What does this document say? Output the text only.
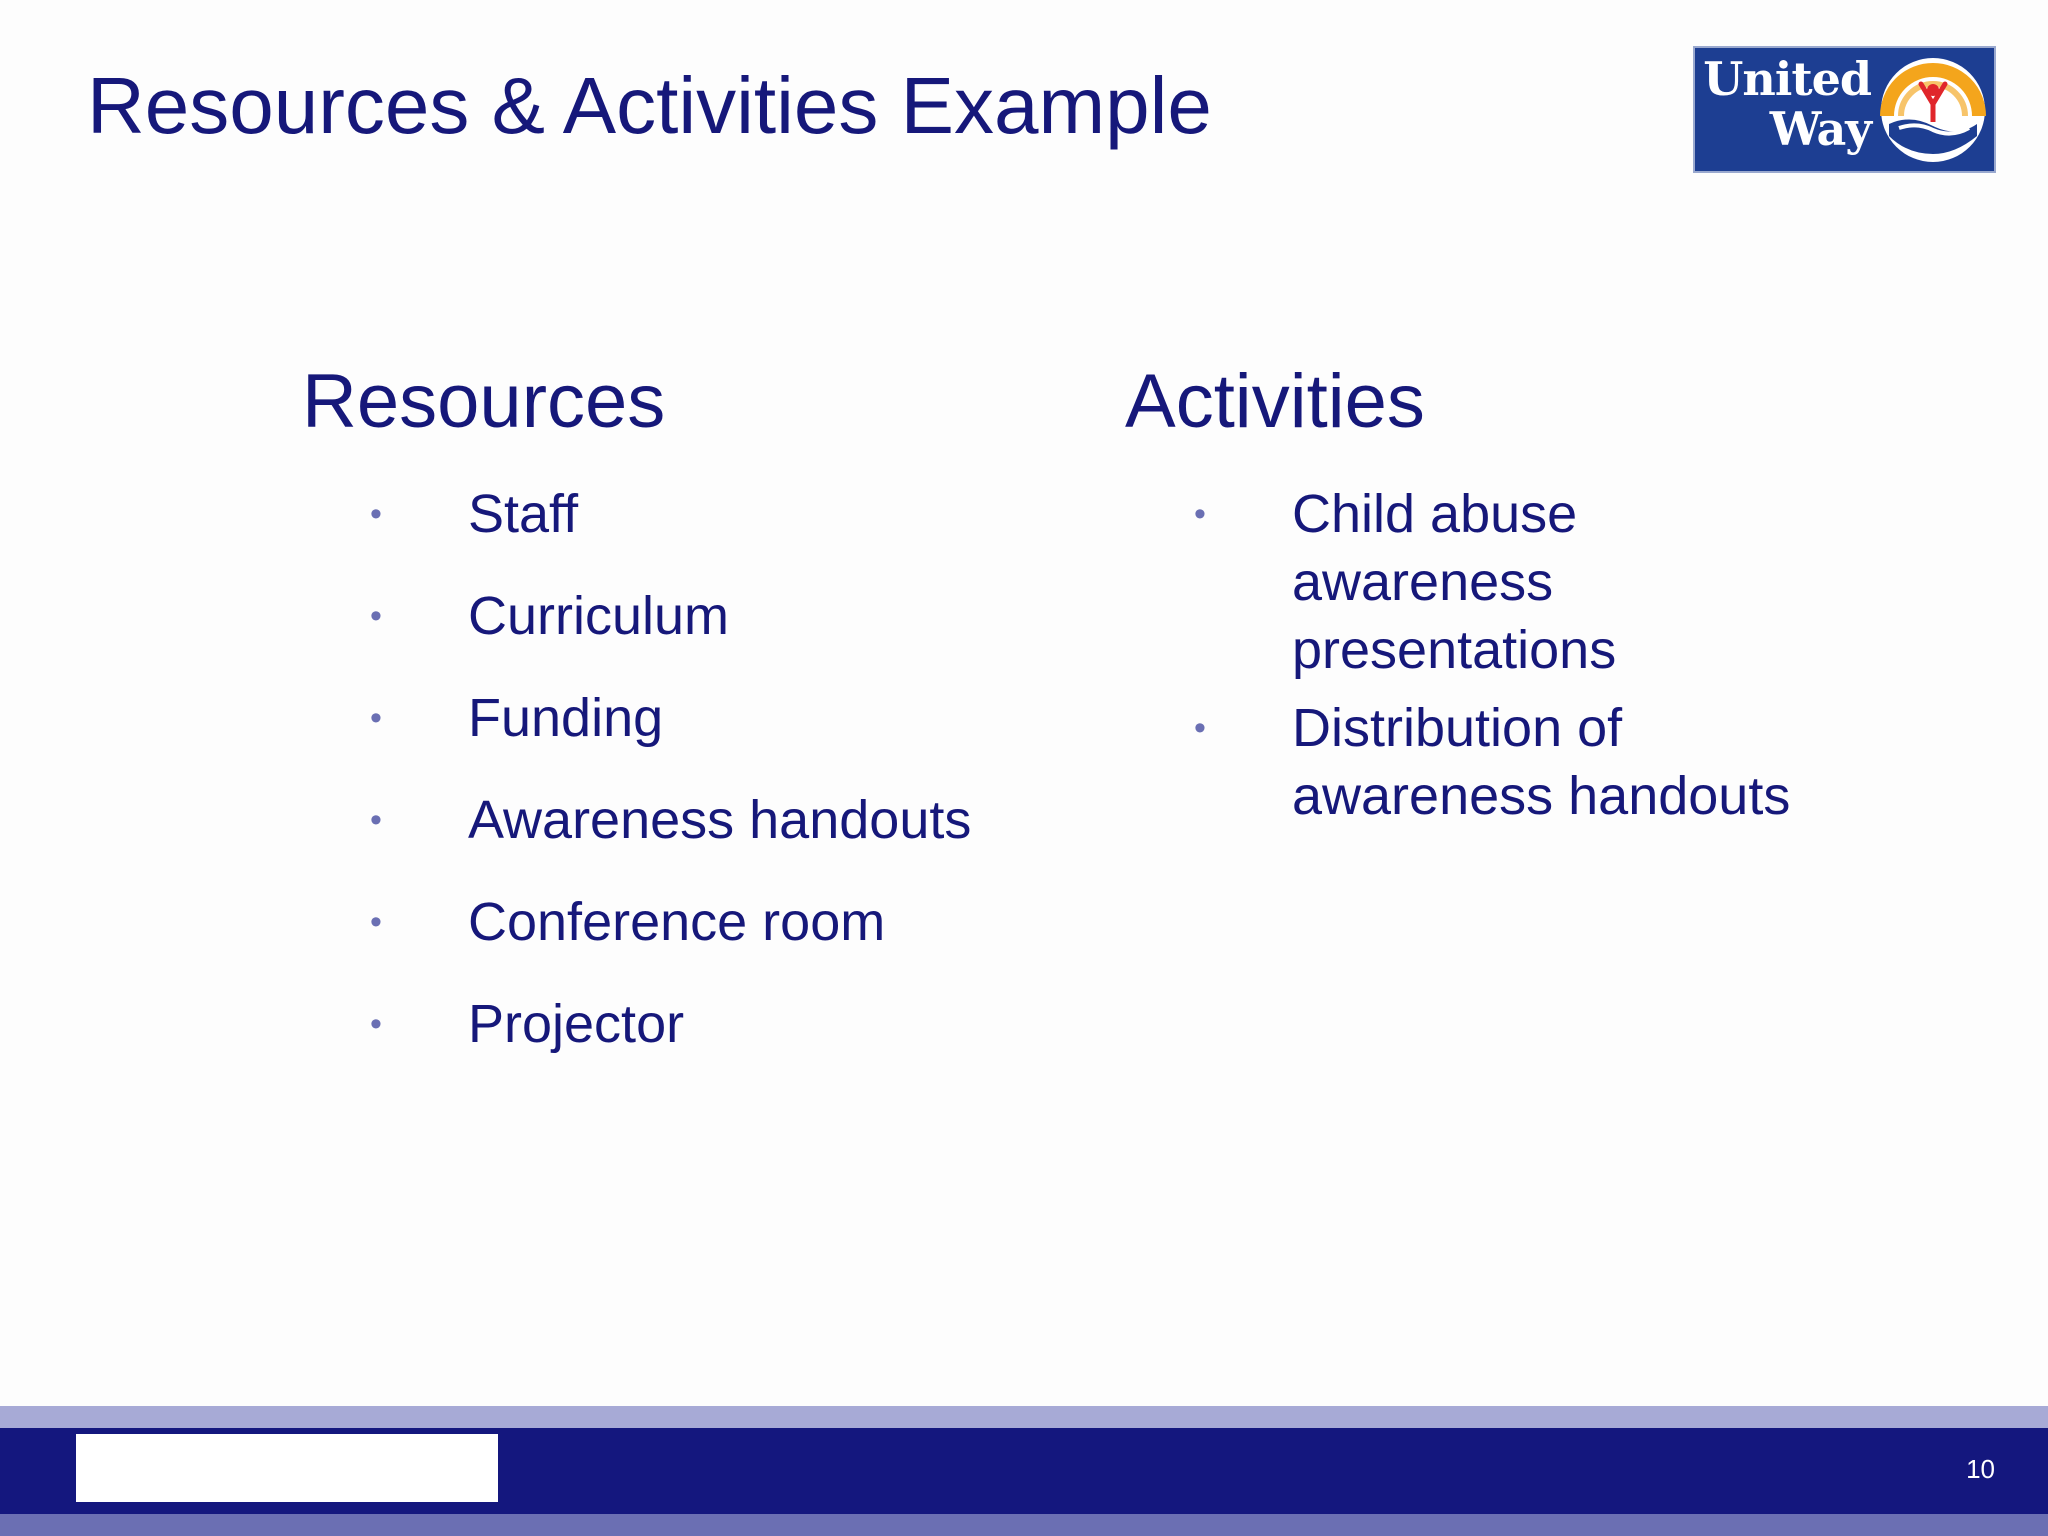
Resources & Activities Example	United
Way
Resources
• Staff
• Curriculum
• Funding
• Awareness handouts
• Conference room
• Projector
Activities
• Child abuse awareness presentations
• Distribution of awareness handouts
10
